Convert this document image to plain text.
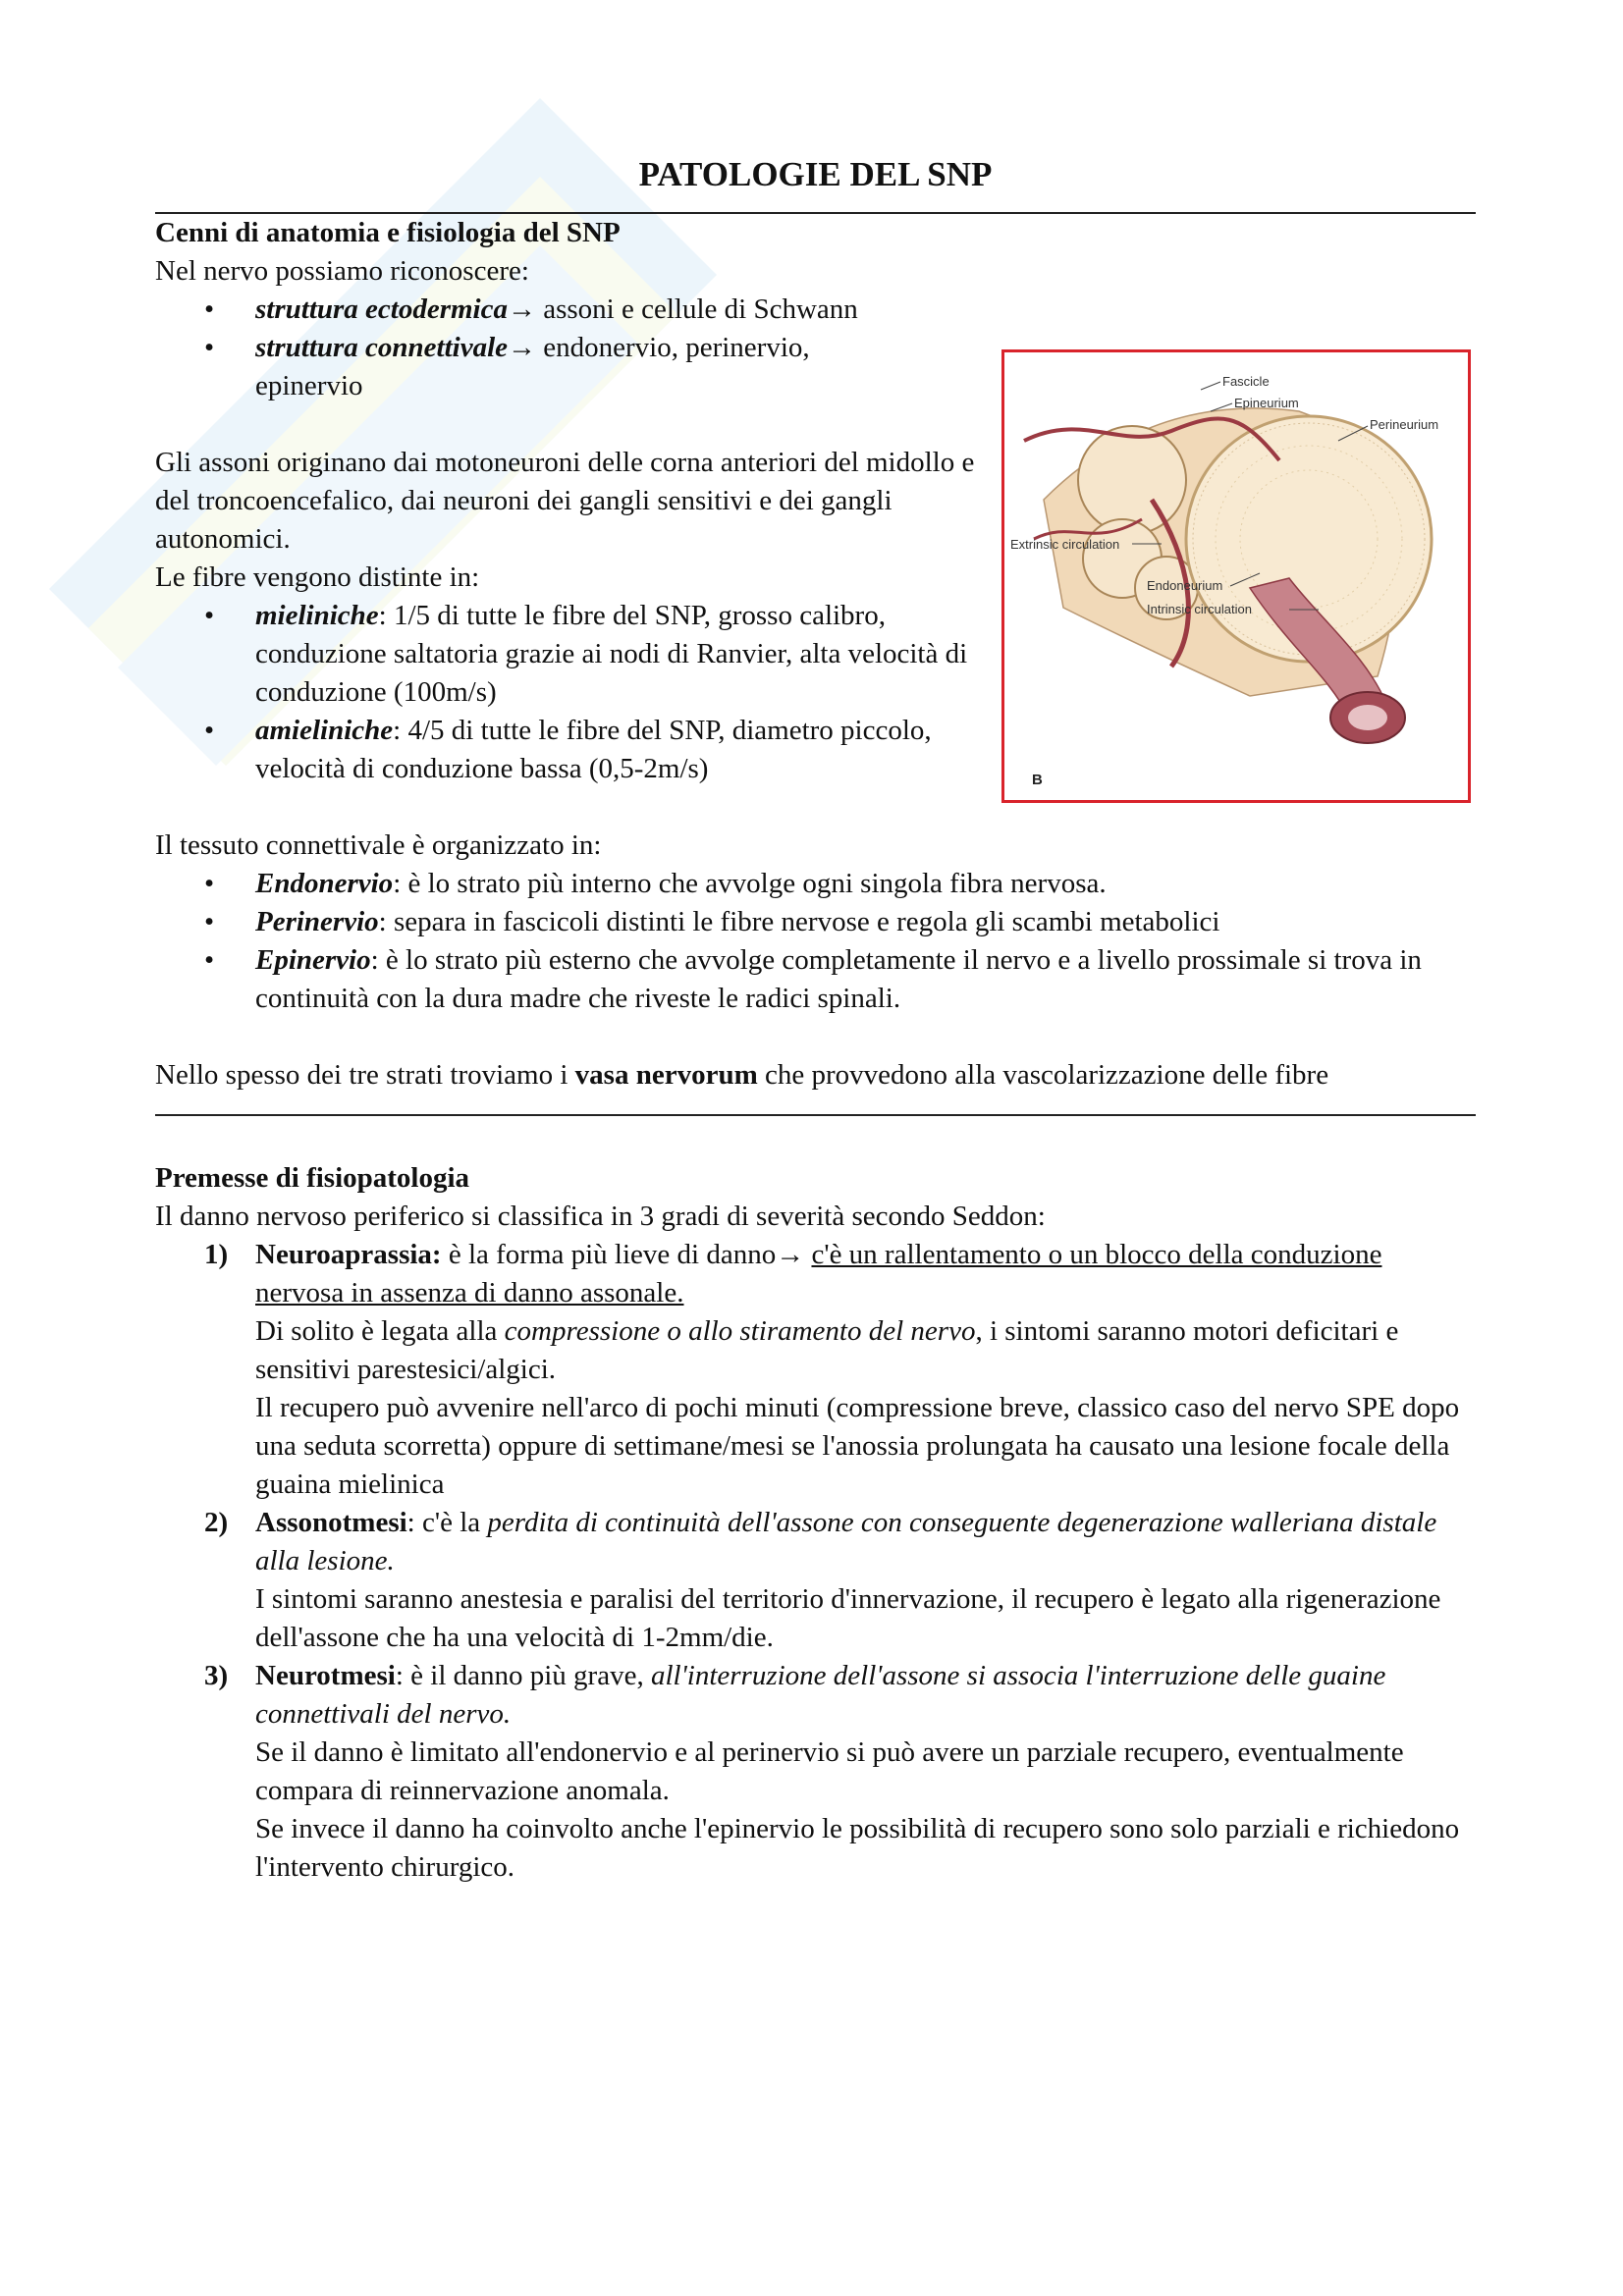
PATOLOGIE DEL SNP
Cenni di anatomia e fisiologia del SNP
Nel nervo possiamo riconoscere:
• struttura ectodermica→ assoni e cellule di Schwann
• struttura connettivale→ endonervio, perinervio, epinervio
Gli assoni originano dai motoneuroni delle corna anteriori del midollo e del troncoencefalico, dai neuroni dei gangli sensitivi e dei gangli autonomici.
Le fibre vengono distinte in:
• mieliniche: 1/5 di tutte le fibre del SNP, grosso calibro, conduzione saltatoria grazie ai nodi di Ranvier, alta velocità di conduzione (100m/s)
• amieliniche: 4/5 di tutte le fibre del SNP, diametro piccolo, velocità di conduzione bassa (0,5-2m/s)
Il tessuto connettivale è organizzato in:
• Endonervio: è lo strato più interno che avvolge ogni singola fibra nervosa.
• Perinervio: separa in fascicoli distinti le fibre nervose e regola gli scambi metabolici
• Epinervio: è lo strato più esterno che avvolge completamente il nervo e a livello prossimale si trova in continuità con la dura madre che riveste le radici spinali.
Nello spesso dei tre strati troviamo i vasa nervorum che provvedono alla vascolarizzazione delle fibre
Premesse di fisiopatologia
Il danno nervoso periferico si classifica in 3 gradi di severità secondo Seddon:
1) Neuroaprassia: è la forma più lieve di danno→ c'è un rallentamento o un blocco della conduzione nervosa in assenza di danno assonale.
Di solito è legata alla compressione o allo stiramento del nervo, i sintomi saranno motori deficitari e sensitivi parestesici/algici.
Il recupero può avvenire nell'arco di pochi minuti (compressione breve, classico caso del nervo SPE dopo una seduta scorretta) oppure di settimane/mesi se l'anossia prolungata ha causato una lesione focale della guaina mielinica
2) Assonotmesi: c'è la perdita di continuità dell'assone con conseguente degenerazione walleriana distale alla lesione.
I sintomi saranno anestesia e paralisi del territorio d'innervazione, il recupero è legato alla rigenerazione dell'assone che ha una velocità di 1-2mm/die.
3) Neurotmesi: è il danno più grave, all'interruzione dell'assone si associa l'interruzione delle guaine connettivali del nervo.
Se il danno è limitato all'endonervio e al perinervio si può avere un parziale recupero, eventualmente compara di reinnervazione anomala.
Se invece il danno ha coinvolto anche l'epinervio le possibilità di recupero sono solo parziali e richiedono l'intervento chirurgico.
Fascicle
Epineurium
Perineurium
Extrinsic circulation
Endoneurium
Intrinsic circulation
B
